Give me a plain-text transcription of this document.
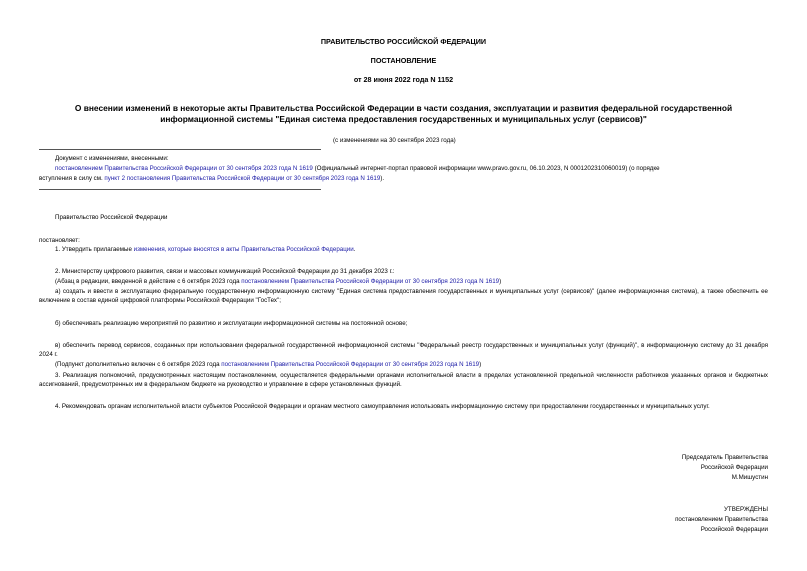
ПРАВИТЕЛЬСТВО РОССИЙСКОЙ ФЕДЕРАЦИИ
ПОСТАНОВЛЕНИЕ
от 28 июня 2022 года N 1152
О внесении изменений в некоторые акты Правительства Российской Федерации в части создания, эксплуатации и развития федеральной государственной
информационной системы "Единая система предоставления государственных и муниципальных услуг (сервисов)"
(с изменениями на 30 сентября 2023 года)
Документ с изменениями, внесенными:
постановлением Правительства Российской Федерации от 30 сентября 2023 года N 1619 (Официальный интернет-портал правовой информации www.pravo.gov.ru, 06.10.2023, N 0001202310060019) (о порядке
вступления в силу см. пункт 2 постановления Правительства Российской Федерации от 30 сентября 2023 года N 1619).
Правительство Российской Федерации
постановляет:
1. Утвердить прилагаемые изменения, которые вносятся в акты Правительства Российской Федерации.
2. Министерству цифрового развития, связи и массовых коммуникаций Российской Федерации до 31 декабря 2023 г.:
(Абзац в редакции, введенной в действие с 6 октября 2023 года постановлением Правительства Российской Федерации от 30 сентября 2023 года N 1619)
а) создать и ввести в эксплуатацию федеральную государственную информационную систему "Единая система предоставления государственных и муниципальных услуг (сервисов)" (далее информационная система), а также обеспечить ее включение в состав единой цифровой платформы Российской Федерации "ГосТех";
б) обеспечивать реализацию мероприятий по развитию и эксплуатации информационной системы на постоянной основе;
в) обеспечить перевод сервисов, созданных при использовании федеральной государственной информационной системы "Федеральный реестр государственных и муниципальных услуг (функций)", в информационную систему до 31 декабря 2024 г.
(Подпункт дополнительно включен с 6 октября 2023 года постановлением Правительства Российской Федерации от 30 сентября 2023 года N 1619)
3. Реализация полномочий, предусмотренных настоящим постановлением, осуществляется федеральными органами исполнительной власти в пределах установленной предельной численности работников указанных органов и бюджетных ассигнований, предусмотренных им в федеральном бюджете на руководство и управление в сфере установленных функций.
4. Рекомендовать органам исполнительной власти субъектов Российской Федерации и органам местного самоуправления использовать информационную систему при предоставлении государственных и муниципальных услуг.
Председатель Правительства
Российской Федерации
М.Мишустин
УТВЕРЖДЕНЫ
постановлением Правительства
Российской Федерации
